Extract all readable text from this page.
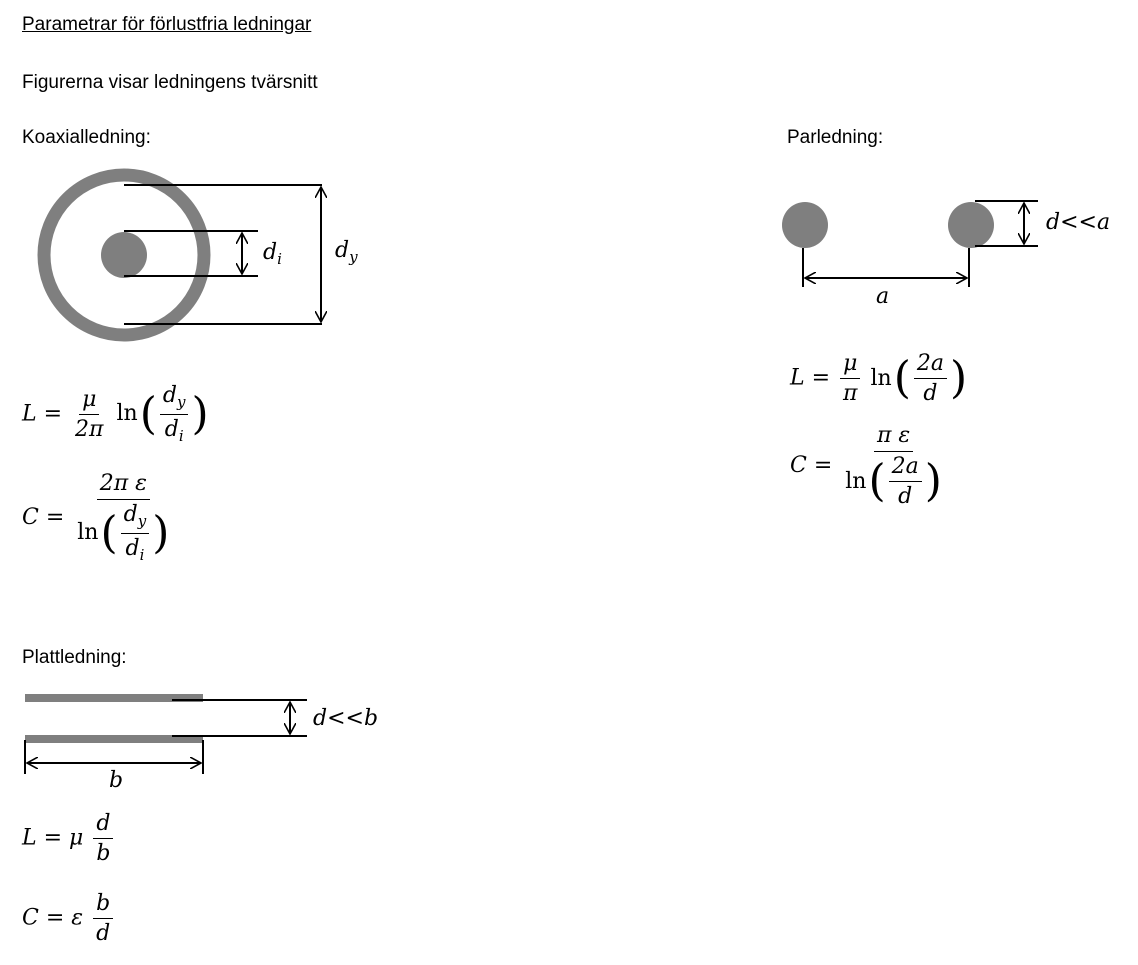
Parametrar för förlustfria ledningar
Figurerna visar ledningens tvärsnitt
Koaxialledning:	Parledning:
Plattledning:
$d_i$ $d_y$
d<<a
a
d<<b
b
$L = \frac{\mu}{2\pi} \ln( \frac{d_y}{d_i}$ )
$C = \frac{\text{2π ε}}{\ln( \frac{d_y}{d_i} )}$
$L = \frac{\mu}{\pi} \ln( \frac{2a}{d}$ )
$C = \frac{\text{π ε}}{\ln( \frac{2a}{d} )}$
L = μ $\frac{d}{b}$
C = ε $\frac{b}{d}$
